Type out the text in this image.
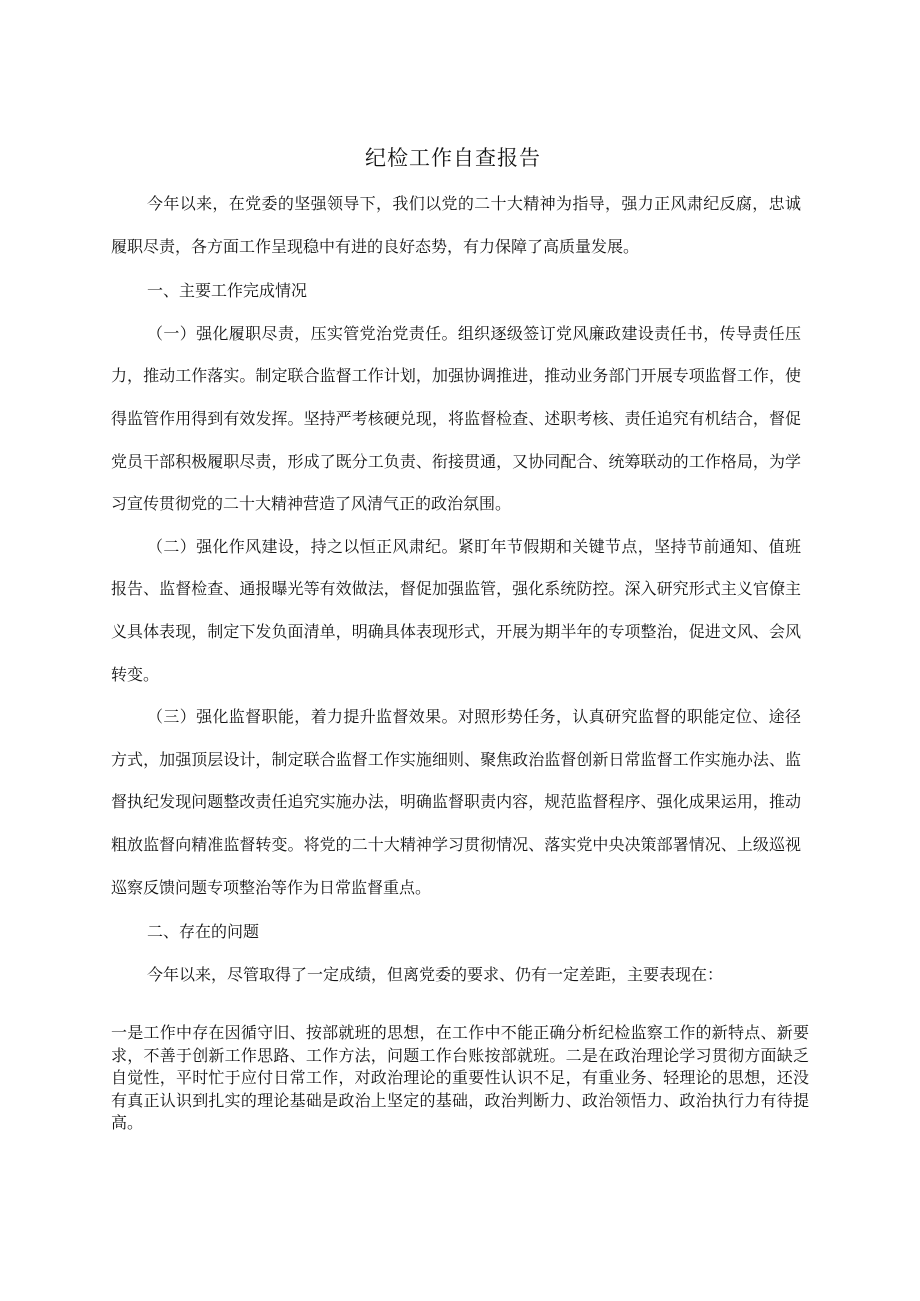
纪检工作自查报告

今年以来，在党委的坚强领导下，我们以党的二十大精神为指导，强力正风肃纪反腐，忠诚履职尽责，各方面工作呈现稳中有进的良好态势，有力保障了高质量发展。

一、主要工作完成情况

（一）强化履职尽责，压实管党治党责任。组织逐级签订党风廉政建设责任书，传导责任压力，推动工作落实。制定联合监督工作计划，加强协调推进，推动业务部门开展专项监督工作，使得监管作用得到有效发挥。坚持严考核硬兑现，将监督检查、述职考核、责任追究有机结合，督促党员干部积极履职尽责，形成了既分工负责、衔接贯通，又协同配合、统筹联动的工作格局，为学习宣传贯彻党的二十大精神营造了风清气正的政治氛围。

（二）强化作风建设，持之以恒正风肃纪。紧盯年节假期和关键节点，坚持节前通知、值班报告、监督检查、通报曝光等有效做法，督促加强监管，强化系统防控。深入研究形式主义官僚主义具体表现，制定下发负面清单，明确具体表现形式，开展为期半年的专项整治，促进文风、会风转变。

（三）强化监督职能，着力提升监督效果。对照形势任务，认真研究监督的职能定位、途径方式，加强顶层设计，制定联合监督工作实施细则、聚焦政治监督创新日常监督工作实施办法、监督执纪发现问题整改责任追究实施办法，明确监督职责内容，规范监督程序、强化成果运用，推动粗放监督向精准监督转变。将党的二十大精神学习贯彻情况、落实党中央决策部署情况、上级巡视巡察反馈问题专项整治等作为日常监督重点。

二、存在的问题

今年以来，尽管取得了一定成绩，但离党委的要求、仍有一定差距，主要表现在：

一是工作中存在因循守旧、按部就班的思想，在工作中不能正确分析纪检监察工作的新特点、新要求，不善于创新工作思路、工作方法，问题工作台账按部就班。二是在政治理论学习贯彻方面缺乏自觉性，平时忙于应付日常工作，对政治理论的重要性认识不足，有重业务、轻理论的思想，还没有真正认识到扎实的理论基础是政治上坚定的基础，政治判断力、政治领悟力、政治执行力有待提高。
